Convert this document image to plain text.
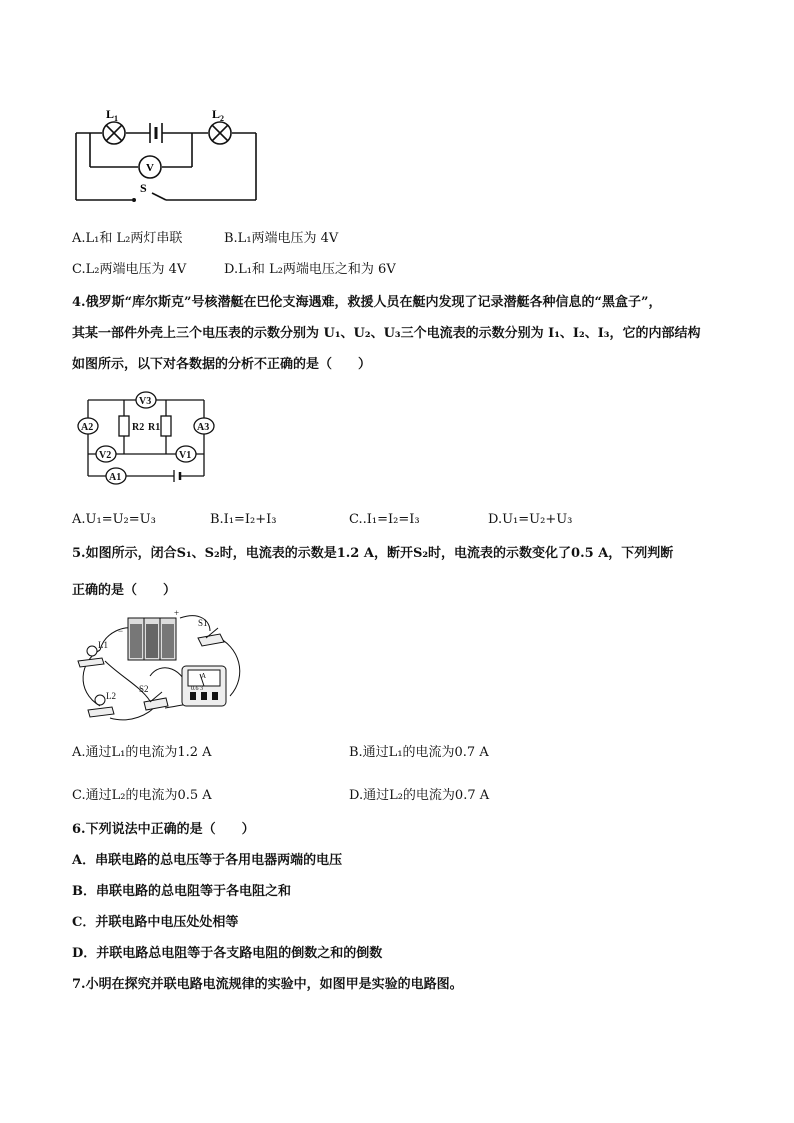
$L_1$	$L_2$
V
S
A.L₁和 L₂两灯串联	B.L₁两端电压为 4V
C.L₂两端电压为 4V	D.L₁和 L₂两端电压之和为 6V
4.俄罗斯“库尔斯克”号核潜艇在巴伦支海遇难，救援人员在艇内发现了记录潜艇各种信息的“黑盒子”，
其某一部件外壳上三个电压表的示数分别为 U₁、U₂、U₃三个电流表的示数分别为 I₁、I₂、I₃，它的内部结构
如图所示，以下对各数据的分析不正确的是（　　）
A2	A3
V3
V2	V1
A1
R2 R1
A.U₁=U₂=U₃	B.I₁=I₂+I₃	C..I₁=I₂=I₃	D.U₁=U₂+U₃
5.如图所示，闭合S₁、S₂时，电流表的示数是1.2 A，断开S₂时，电流表的示数变化了0.5 A，下列判断
正确的是（　　）
S1
S2
L1
L2
+
−
A
0.6 3
A.通过L₁的电流为1.2 A	B.通过L₁的电流为0.7 A
C.通过L₂的电流为0.5 A	D.通过L₂的电流为0.7 A
6.下列说法中正确的是（　　）
A．串联电路的总电压等于各用电器两端的电压
B．串联电路的总电阻等于各电阻之和
C．并联电路中电压处处相等
D．并联电路总电阻等于各支路电阻的倒数之和的倒数
7.小明在探究并联电路电流规律的实验中，如图甲是实验的电路图。
